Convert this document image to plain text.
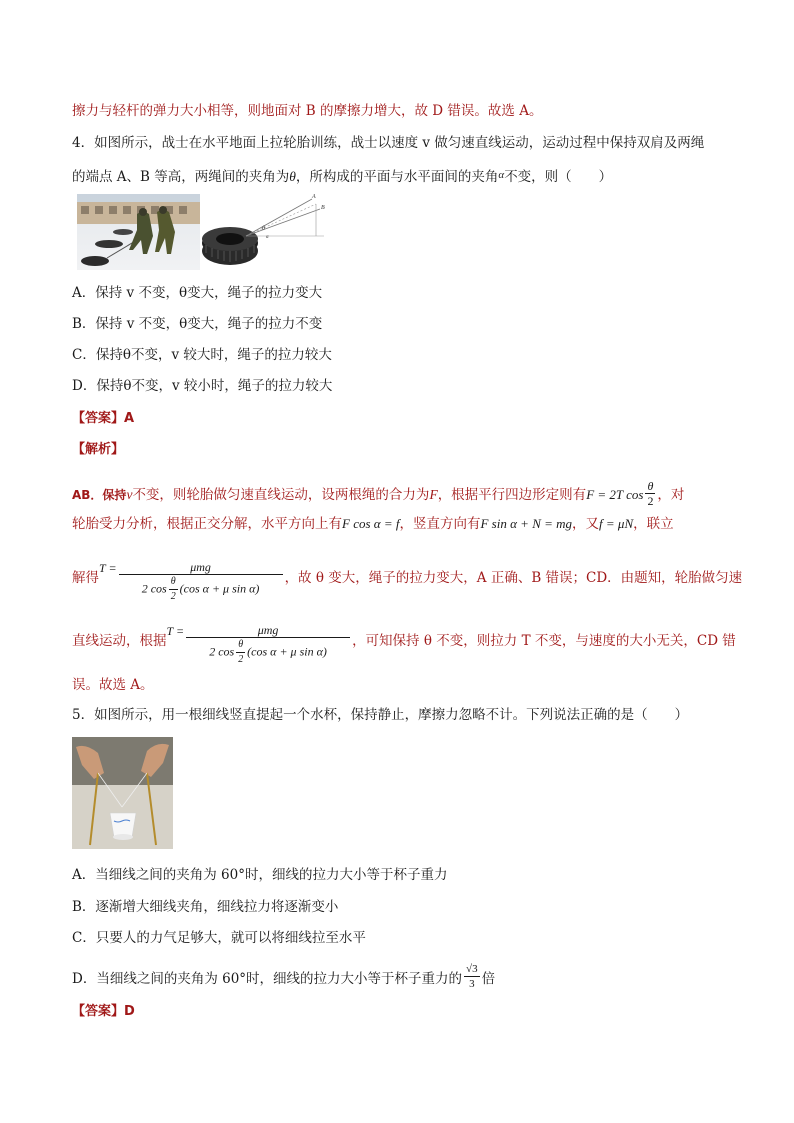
擦力与轻杆的弹力大小相等，则地面对 B 的摩擦力增大，故 D 错误。故选 A。
4．如图所示，战士在水平地面上拉轮胎训练，战士以速度 v 做匀速直线运动，运动过程中保持双肩及两绳
的端点 A、B 等高，两绳间的夹角为θ，所构成的平面与水平面间的夹角$^\alpha$不变，则（　　）
A
B
θ
α
A．保持 v 不变，θ变大，绳子的拉力变大
B．保持 v 不变，θ变大，绳子的拉力不变
C．保持θ不变，v 较大时，绳子的拉力较大
D．保持θ不变，v 较小时，绳子的拉力较大
【答案】A
【解析】
AB．保持v不变，则轮胎做匀速直线运动，设两根绳的合力为F，根据平行四边形定则有F = 2T $\cos \frac{\theta}{2}$ ，对
轮胎受力分析，根据正交分解，水平方向上有F cos α = f，竖直方向有F sin α + N = mg，又f = μN，联立
解得$T = \frac{\text{μmg}}{2 \cos \frac{\theta}{2} (\cos \alpha + \mu \sin \alpha)}$ ，故 θ 变大，绳子的拉力变大，A 正确、B 错误；CD．由题知，轮胎做匀速
直线运动，根据$T = \frac{\text{μmg}}{2 \cos \frac{\theta}{2} (\cos \alpha + \mu \sin \alpha)}$ ，可知保持 θ 不变，则拉力 T 不变，与速度的大小无关，CD 错
误。故选 A。
5．如图所示，用一根细线竖直提起一个水杯，保持静止，摩擦力忽略不计。下列说法正确的是（　　）
A．当细线之间的夹角为 60°时，细线的拉力大小等于杯子重力
B．逐渐增大细线夹角，细线拉力将逐渐变小
C．只要人的力气足够大，就可以将细线拉至水平
D．当细线之间的夹角为 60°时，细线的拉力大小等于杯子重力的 $\frac{√3}{3}$ 倍
【答案】D
